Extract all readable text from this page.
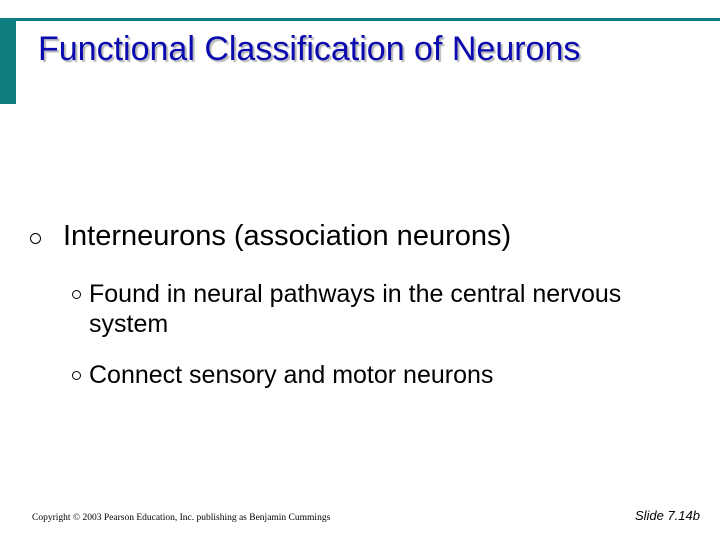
Functional Classification of Neurons
Interneurons (association neurons)
Found in neural pathways in the central nervous system
Connect sensory and motor neurons
Copyright © 2003 Pearson Education, Inc. publishing as Benjamin Cummings	Slide 7.14b
